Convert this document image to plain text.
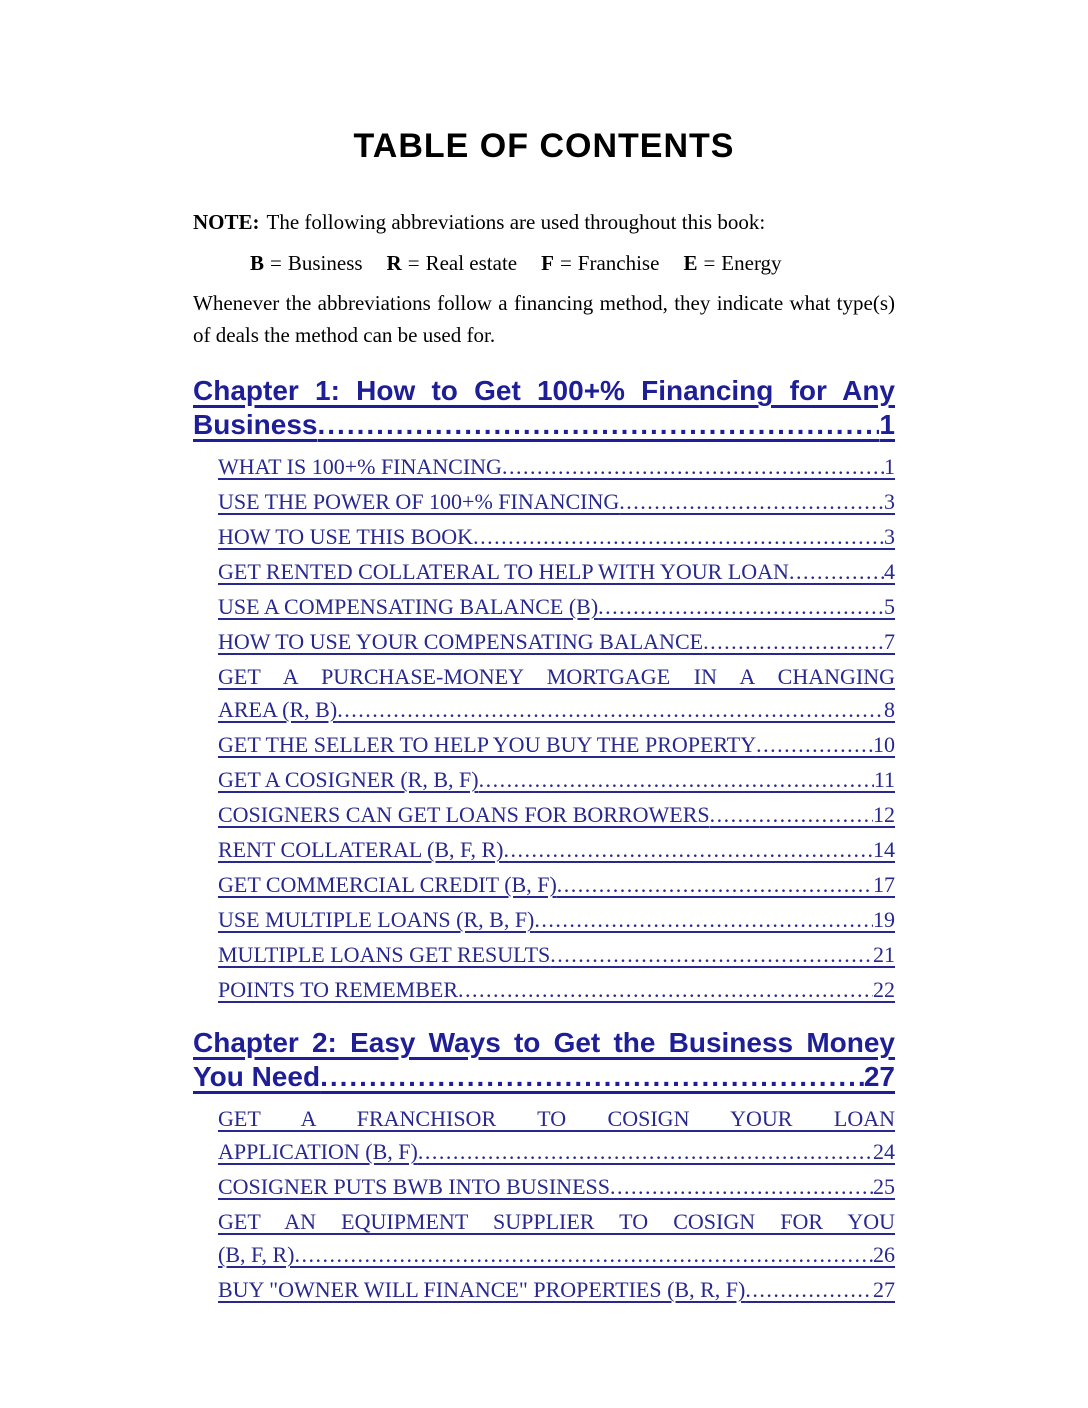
TABLE OF CONTENTS
NOTE: The following abbreviations are used throughout this book:
B = Business R = Real estate F = Franchise E = Energy
Whenever the abbreviations follow a financing method, they indicate what type(s) of deals the method can be used for.
Chapter 1: How to Get 100+% Financing for Any
Business .....	1
WHAT IS 100+% FINANCING .....	1
USE THE POWER OF 100+% FINANCING .....	3
HOW TO USE THIS BOOK .....	3
GET RENTED COLLATERAL TO HELP WITH YOUR LOAN .....	4
USE A COMPENSATING BALANCE (B) .....	5
HOW TO USE YOUR COMPENSATING BALANCE .....	7
GET A PURCHASE-MONEY MORTGAGE IN A CHANGING
AREA (R, B) .....	8
GET THE SELLER TO HELP YOU BUY THE PROPERTY .....	10
GET A COSIGNER (R, B, F) .....	11
COSIGNERS CAN GET LOANS FOR BORROWERS .....	12
RENT COLLATERAL (B, F, R) .....	14
GET COMMERCIAL CREDIT (B, F) .....	17
USE MULTIPLE LOANS (R, B, F) .....	19
MULTIPLE LOANS GET RESULTS .....	21
POINTS TO REMEMBER .....	22
Chapter 2: Easy Ways to Get the Business Money
You Need .....	27
GET A FRANCHISOR TO COSIGN YOUR LOAN
APPLICATION (B, F) .....	24
COSIGNER PUTS BWB INTO BUSINESS .....	25
GET AN EQUIPMENT SUPPLIER TO COSIGN FOR YOU
(B, F, R) .....	26
BUY "OWNER WILL FINANCE" PROPERTIES (B, R, F) .....	27
